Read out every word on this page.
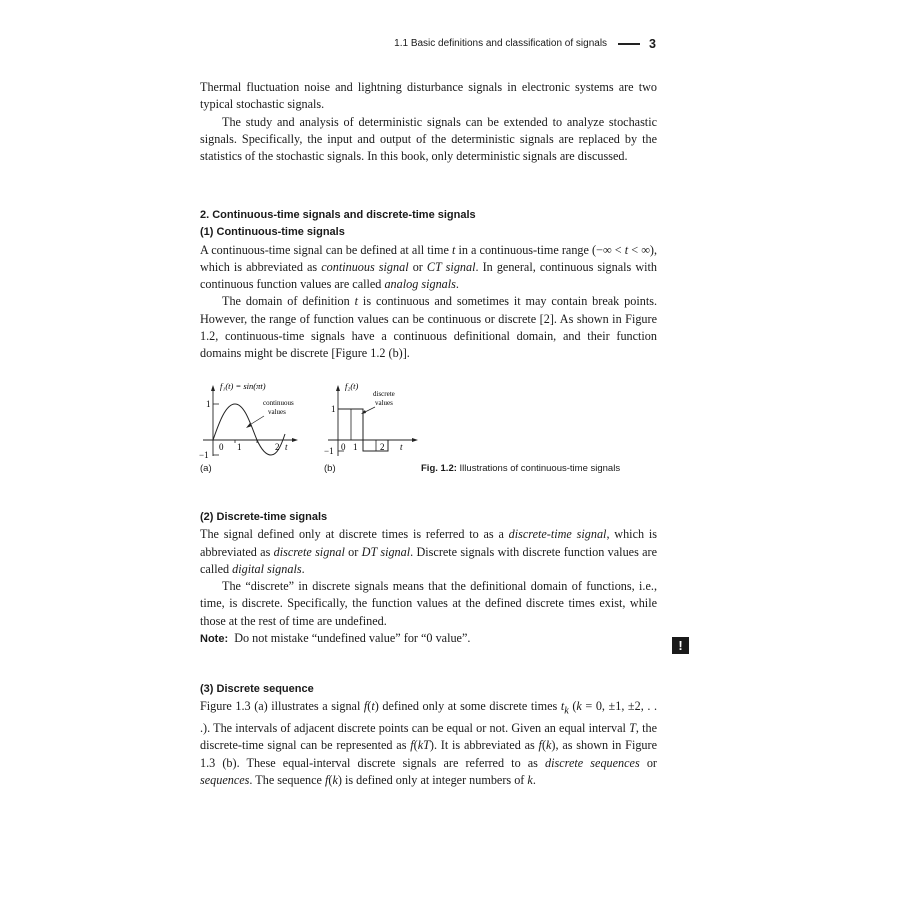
1.1 Basic definitions and classification of signals	3

Thermal fluctuation noise and lightning disturbance signals in electronic systems are two typical stochastic signals.

The study and analysis of deterministic signals can be extended to analyze stochastic signals. Specifically, the input and output of the deterministic signals are replaced by the statistics of the stochastic signals. In this book, only deterministic signals are discussed.

2. Continuous-time signals and discrete-time signals
(1) Continuous-time signals

A continuous-time signal can be defined at all time t in a continuous-time range (−∞ < t < ∞), which is abbreviated as continuous signal or CT signal. In general, continuous signals with continuous function values are called analog signals.

The domain of definition t is continuous and sometimes it may contain break points. However, the range of function values can be continuous or discrete [2]. As shown in Figure 1.2, continuous-time signals have a continuous definitional domain, and their function domains might be discrete [Figure 1.2 (b)].

1
−1
f₁(t) = sin(πt)
continuous
values
0 1	2 t
1
−1
f₂(t)
discrete
values
0 1	2 t
(a)	(b)	Fig. 1.2: Illustrations of continuous-time signals
(2) Discrete-time signals

The signal defined only at discrete times is referred to as a discrete-time signal, which is abbreviated as discrete signal or DT signal. Discrete signals with discrete function values are called digital signals.

The “discrete” in discrete signals means that the definitional domain of functions, i.e., time, is discrete. Specifically, the function values at the defined discrete times exist, while those at the rest of time are undefined.

Note:  Do not mistake “undefined value” for “0 value”.	!
(3) Discrete sequence

Figure 1.3 (a) illustrates a signal f(t) defined only at some discrete times $t_k$ (k = 0, ±1, ±2, . . .). The intervals of adjacent discrete points can be equal or not. Given an equal interval T, the discrete-time signal can be represented as f(kT). It is abbreviated as f(k), as shown in Figure 1.3 (b). These equal-interval discrete signals are referred to as discrete sequences or sequences. The sequence f(k) is defined only at integer numbers of k.
